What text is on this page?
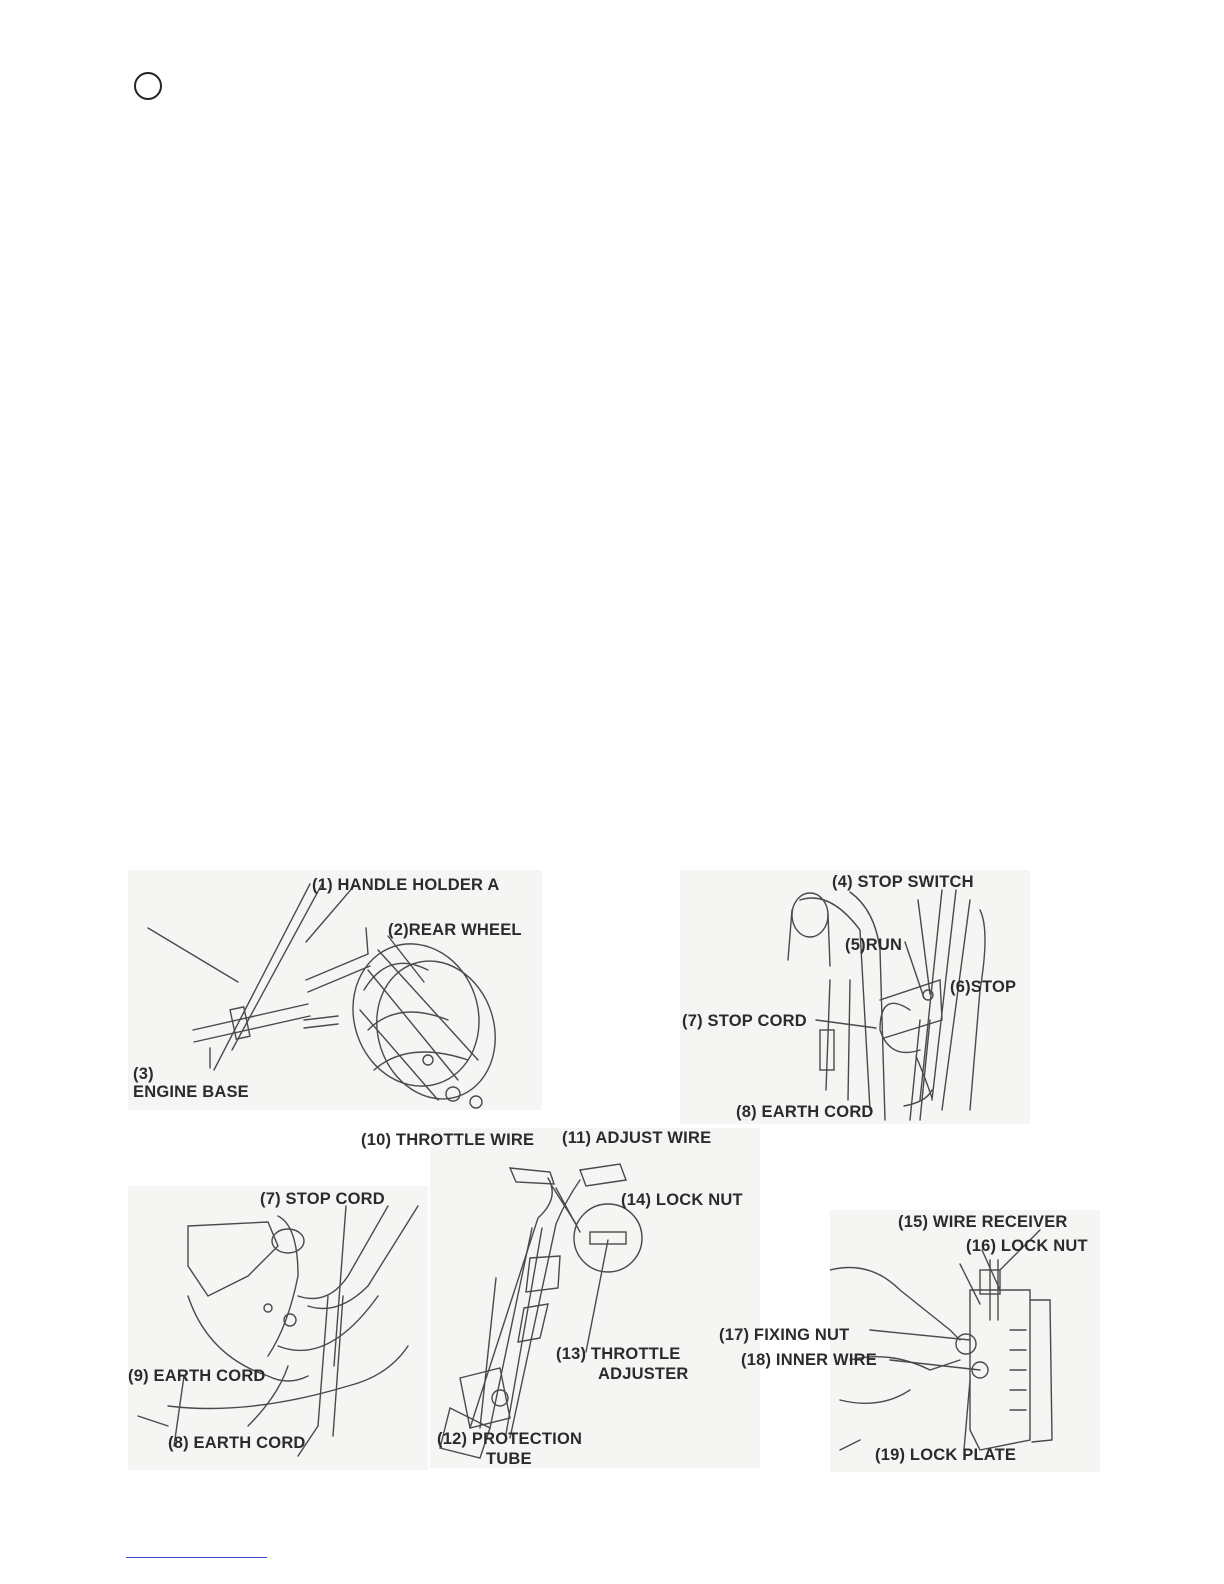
(1) HANDLE HOLDER A
(2)REAR WHEEL
(3)
ENGINE BASE
(4) STOP SWITCH
(5)RUN
(6)STOP
(7) STOP CORD
(8) EARTH CORD
(7) STOP CORD
(9) EARTH CORD
(8) EARTH CORD
(10) THROTTLE WIRE (11) ADJUST WIRE
(14) LOCK NUT
(13) THROTTLE
ADJUSTER
(12) PROTECTION
TUBE
(15) WIRE RECEIVER
(16) LOCK NUT
(17) FIXING NUT
(18) INNER WIRE
(19) LOCK PLATE
